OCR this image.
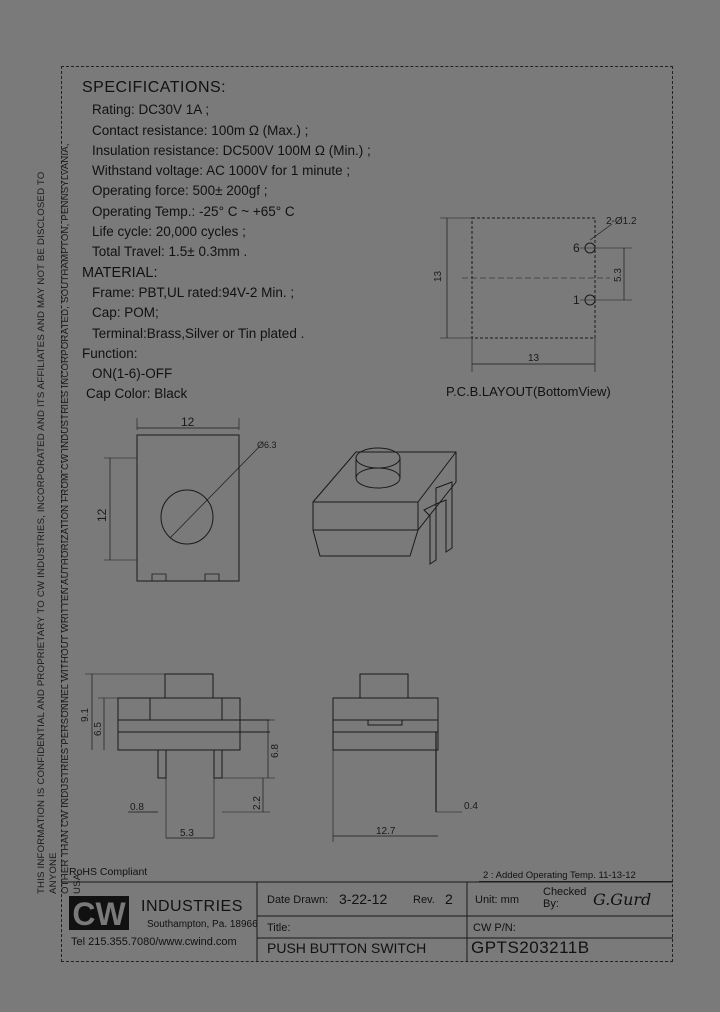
THIS INFORMATION IS CONFIDENTIAL AND PROPRIETARY TO CW INDUSTRIES, INCORPORATED AND ITS AFFILIATES AND MAY NOT BE DISCLOSED TO ANYONE
OTHER THAN CW INDUSTRIES PERSONNEL WITHOUT WRITTEN AUTHORIZATION FROM CW INDUSTRIES INCORPORATED, SOUTHAMPTON, PENNSYLVANIA, USA
SPECIFICATIONS:
Rating: DC30V 1A ;
Contact resistance: 100m Ω (Max.) ;
Insulation resistance: DC500V 100M Ω (Min.) ;
Withstand voltage: AC 1000V for 1 minute ;
Operating force: 500± 200gf ;
Operating Temp.: -25° C ~ +65° C
Life cycle: 20,000 cycles ;
Total Travel: 1.5± 0.3mm .
MATERIAL:
Frame: PBT,UL rated:94V-2 Min. ;
Cap: POM;
Terminal:Brass,Silver or Tin plated .
Function:
ON(1-6)-OFF
Cap Color: Black
13
13
5.3
2-Ø1.2
6
1
12
12
Ø6.3
9.1
6.5
6.8
2.2
0.8
5.3
0.4
12.7
P.C.B.LAYOUT(BottomView)
RoHS Compliant	2 : Added Operating Temp. 11-13-12
CW INDUSTRIES
Southampton, Pa. 18966
Tel 215.355.7080/www.cwind.com
Date Drawn: 3-22-12 Rev. 2 Unit: mm
Checked
By:	G.Gurd
Title:
PUSH BUTTON SWITCH
CW P/N:
GPTS203211B
